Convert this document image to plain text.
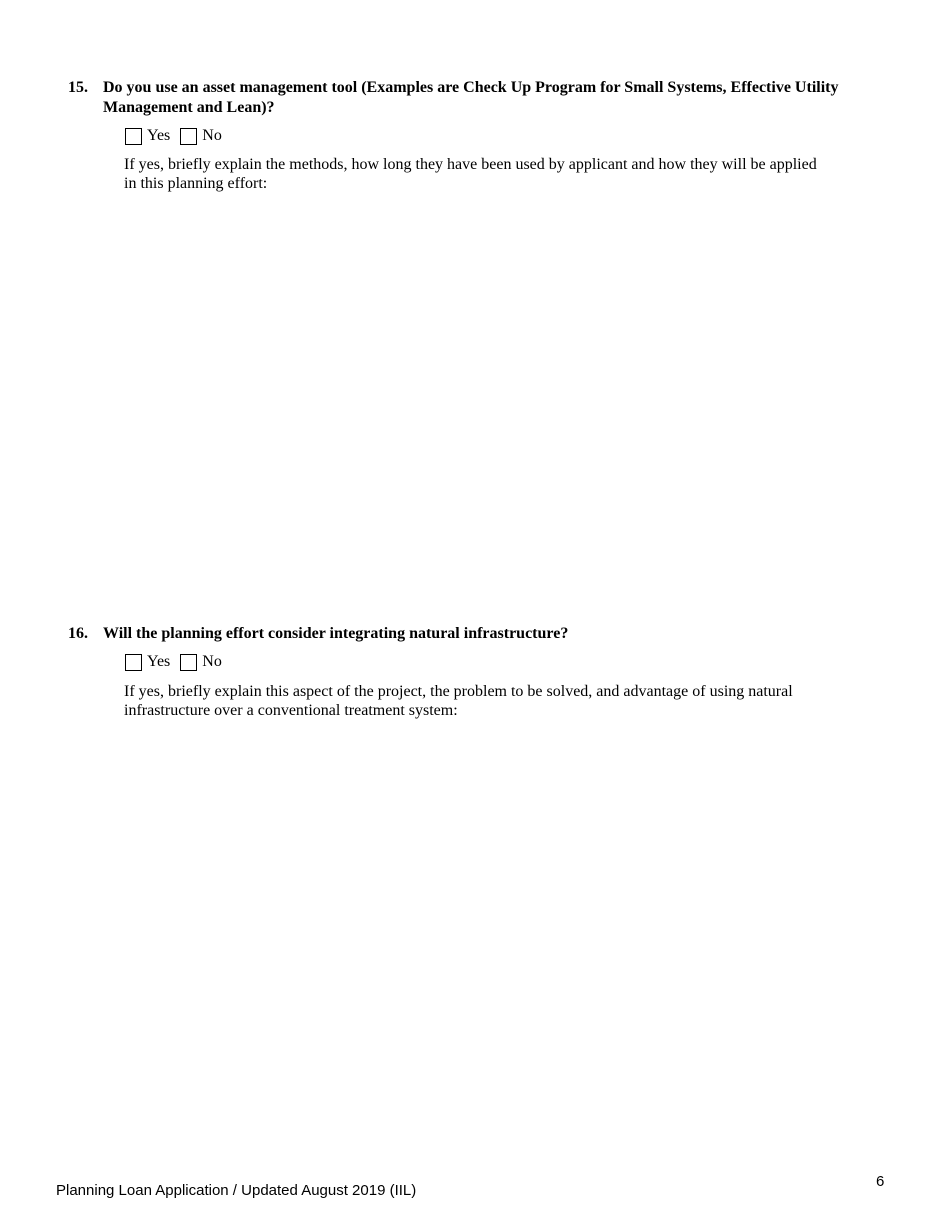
15. Do you use an asset management tool (Examples are Check Up Program for Small Systems, Effective Utility Management and Lean)?
Yes No
If yes, briefly explain the methods, how long they have been used by applicant and how they will be applied in this planning effort:
16. Will the planning effort consider integrating natural infrastructure?
Yes No
If yes, briefly explain this aspect of the project, the problem to be solved, and advantage of using natural infrastructure over a conventional treatment system:
Planning Loan Application / Updated August 2019 (IIL)
6
